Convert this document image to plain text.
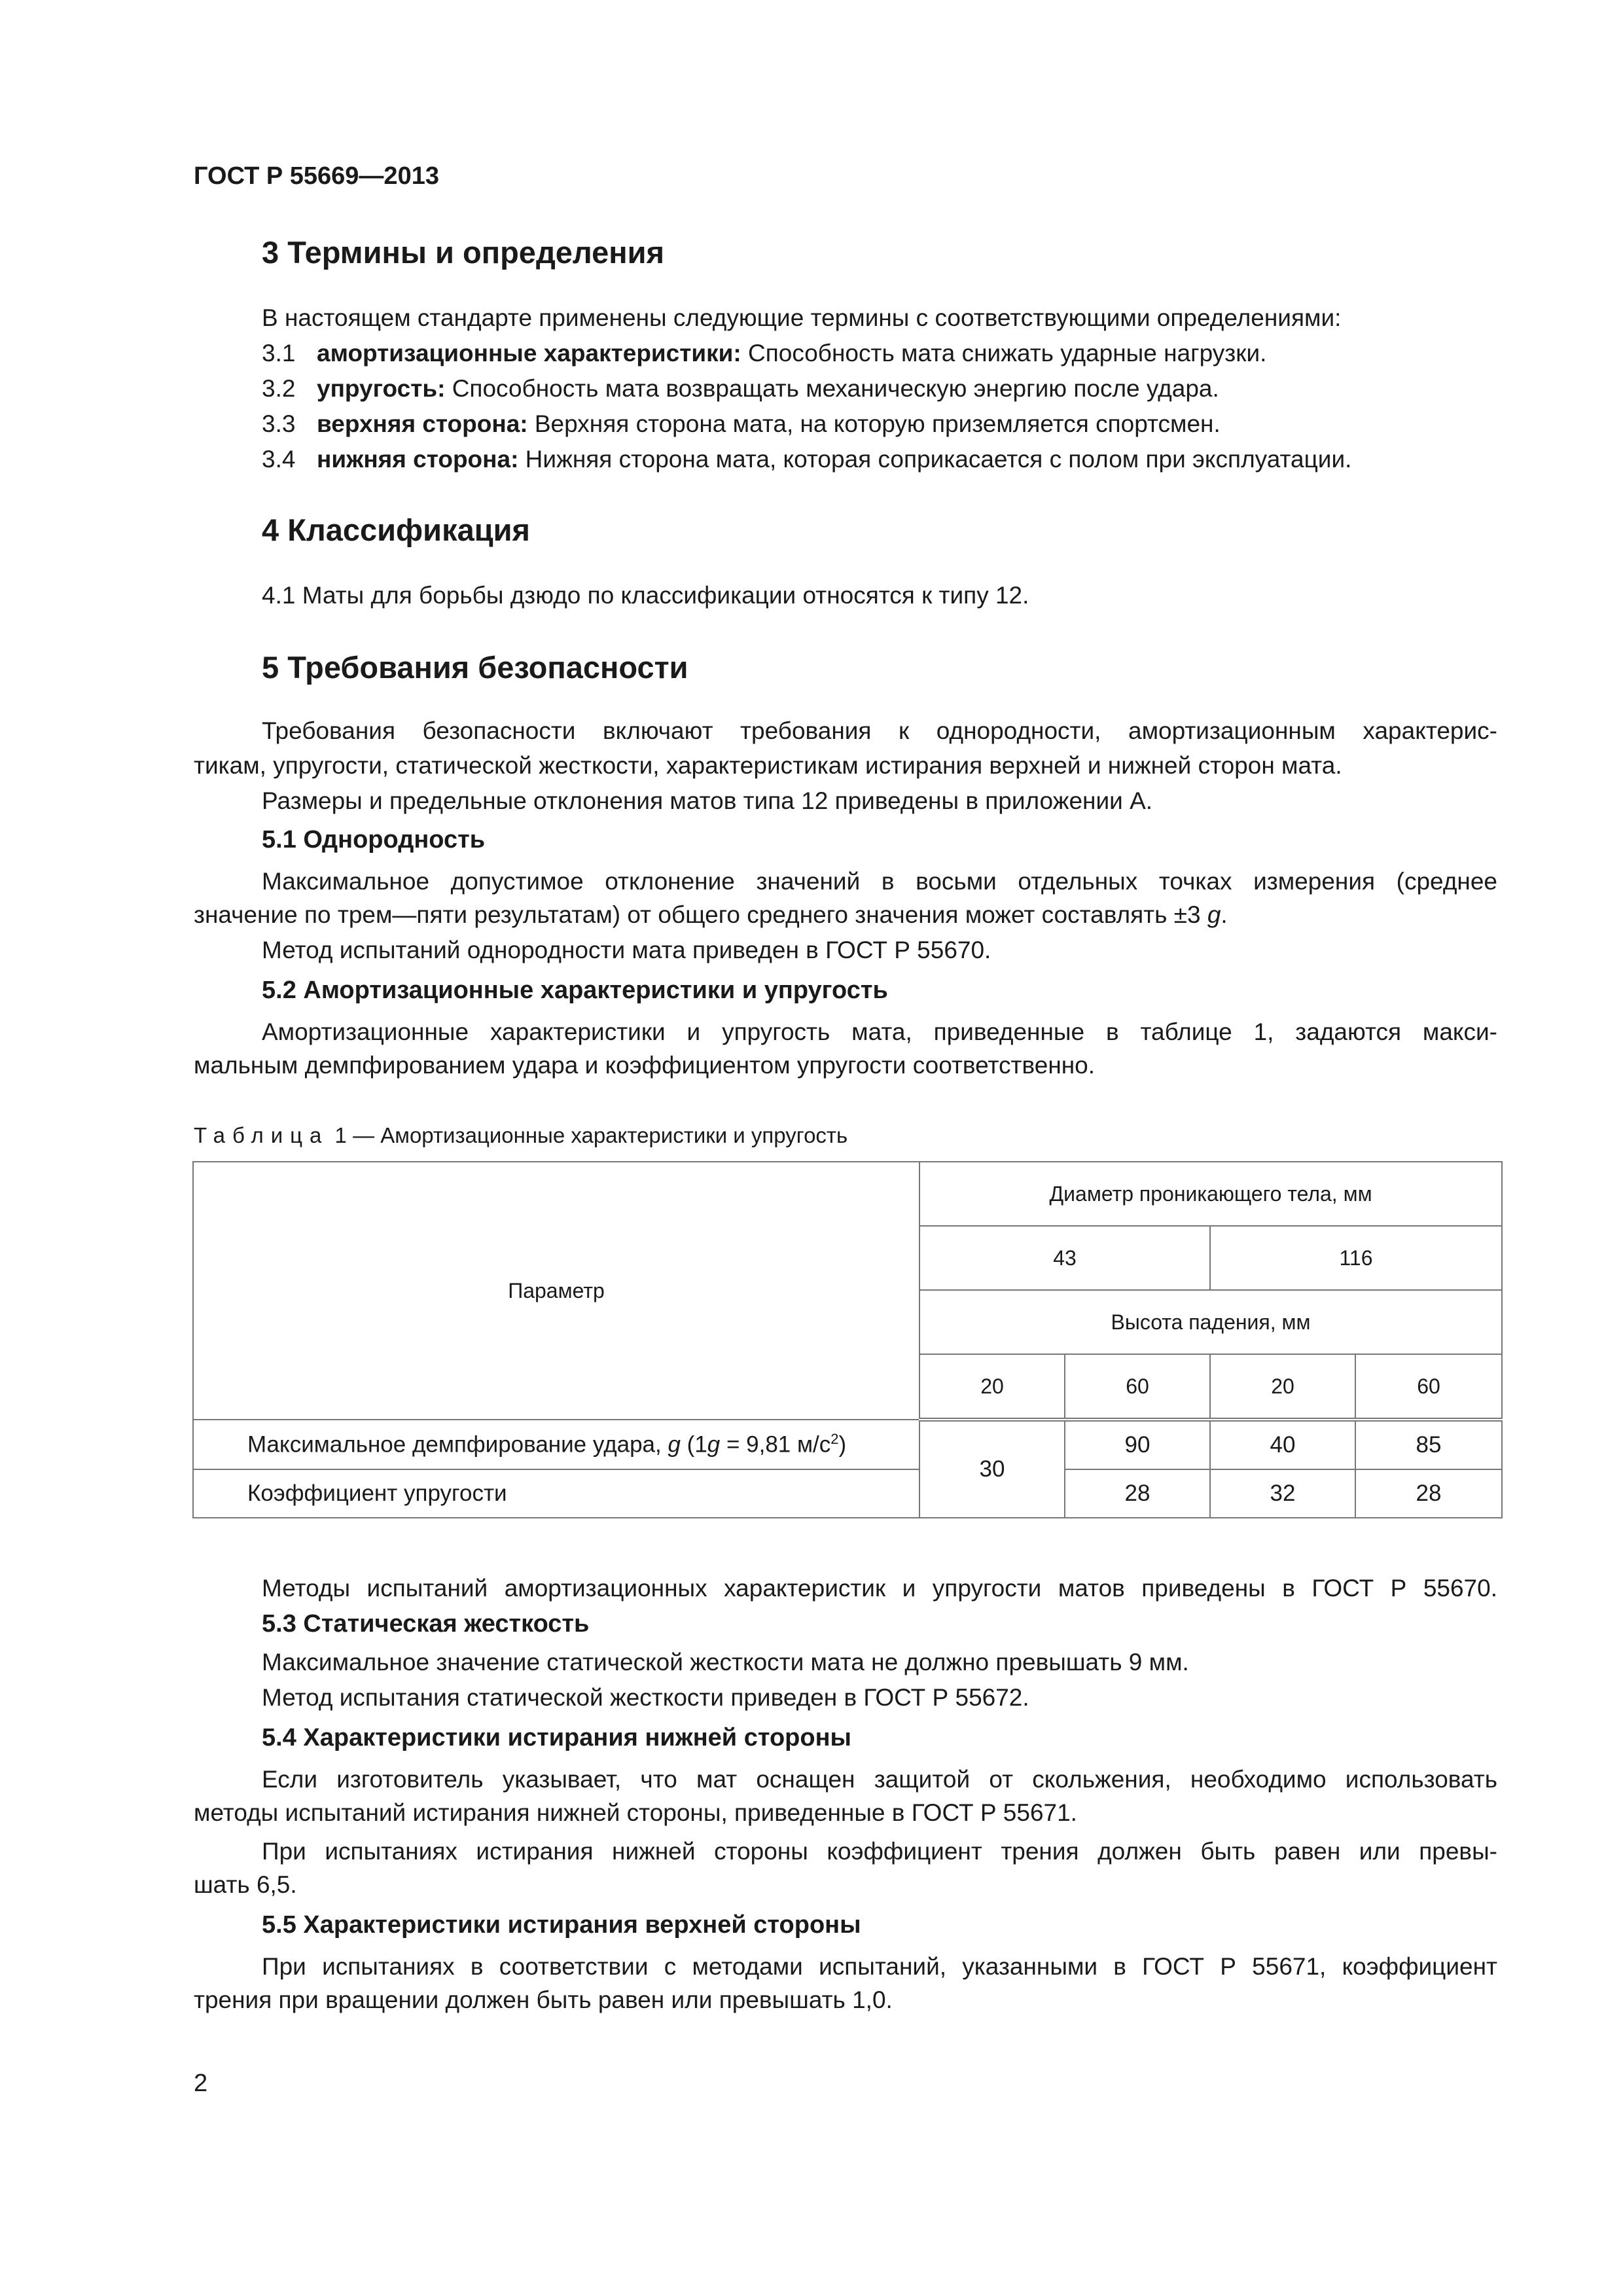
ГОСТ Р 55669—2013
3 Термины и определения
В настоящем стандарте применены следующие термины с соответствующими определениями:
3.1 амортизационные характеристики: Способность мата снижать ударные нагрузки.
3.2 упругость: Способность мата возвращать механическую энергию после удара.
3.3 верхняя сторона: Верхняя сторона мата, на которую приземляется спортсмен.
3.4 нижняя сторона: Нижняя сторона мата, которая соприкасается с полом при эксплуатации.
4 Классификация
4.1 Маты для борьбы дзюдо по классификации относятся к типу 12.
5 Требования безопасности
Требования безопасности включают требования к однородности, амортизационным характерис-
тикам, упругости, статической жесткости, характеристикам истирания верхней и нижней сторон мата.
Размеры и предельные отклонения матов типа 12 приведены в приложении А.
5.1 Однородность
Максимальное допустимое отклонение значений в восьми отдельных точках измерения (среднее
значение по трем—пяти результатам) от общего среднего значения может составлять ±3 g.
Метод испытаний однородности мата приведен в ГОСТ Р 55670.
5.2 Амортизационные характеристики и упругость
Амортизационные характеристики и упругость мата, приведенные в таблице 1, задаются макси-
мальным демпфированием удара и коэффициентом упругости соответственно.
Таблица 1 — Амортизационные характеристики и упругость
Параметр	Диаметр проникающего тела, мм			
	43		116	
	Высота падения, мм			
	20	60	20	60
Максимальное демпфирование удара, g (1g = 9,81 $м/с^2$)	30	90	40	85
Коэффициент упругости		28	32	28
Методы испытаний амортизационных характеристик и упругости матов приведены в ГОСТ Р 55670.
5.3 Статическая жесткость
Максимальное значение статической жесткости мата не должно превышать 9 мм.
Метод испытания статической жесткости приведен в ГОСТ Р 55672.
5.4 Характеристики истирания нижней стороны
Если изготовитель указывает, что мат оснащен защитой от скольжения, необходимо использовать
методы испытаний истирания нижней стороны, приведенные в ГОСТ Р 55671.
При испытаниях истирания нижней стороны коэффициент трения должен быть равен или превы-
шать 6,5.
5.5 Характеристики истирания верхней стороны
При испытаниях в соответствии с методами испытаний, указанными в ГОСТ Р 55671, коэффициент
трения при вращении должен быть равен или превышать 1,0.
2
